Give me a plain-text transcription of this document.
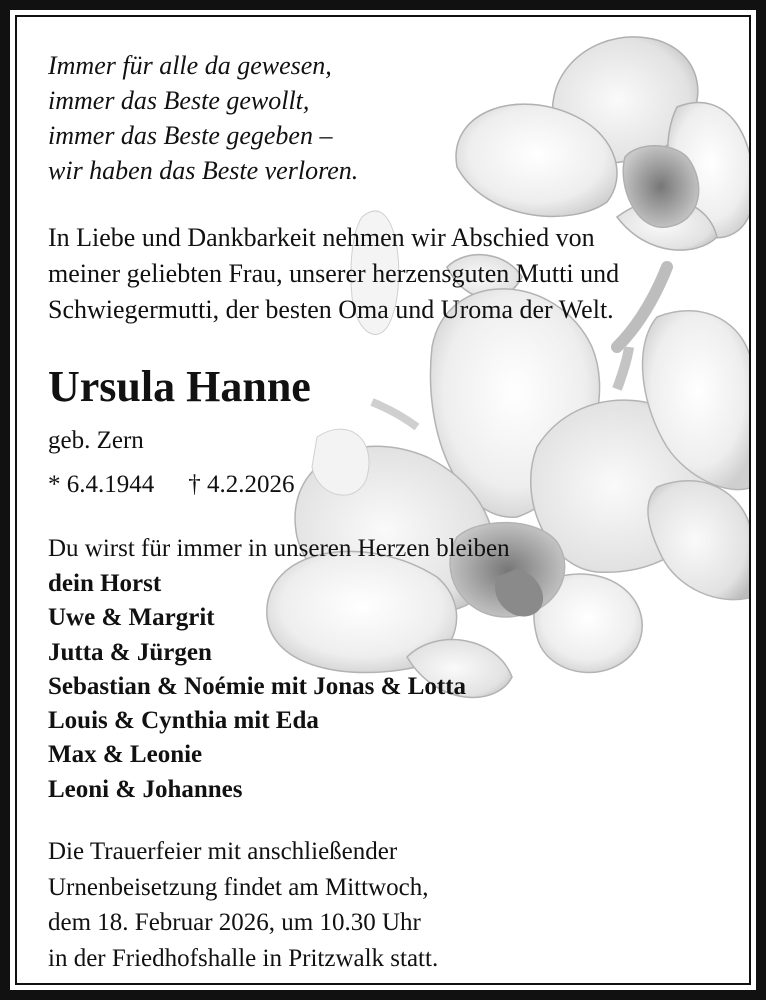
Immer für alle da gewesen,
immer das Beste gewollt,
immer das Beste gegeben –
wir haben das Beste verloren.
In Liebe und Dankbarkeit nehmen wir Abschied von
meiner geliebten Frau, unserer herzensguten Mutti und
Schwiegermutti, der besten Oma und Uroma der Welt.
Ursula Hanne
geb. Zern
* 6.4.1944 † 4.2.2026
Du wirst für immer in unseren Herzen bleiben
dein Horst
Uwe & Margrit
Jutta & Jürgen
Sebastian & Noémie mit Jonas & Lotta
Louis & Cynthia mit Eda
Max & Leonie
Leoni & Johannes
Die Trauerfeier mit anschließender
Urnenbeisetzung findet am Mittwoch,
dem 18. Februar 2026, um 10.30 Uhr
in der Friedhofshalle in Pritzwalk statt.
